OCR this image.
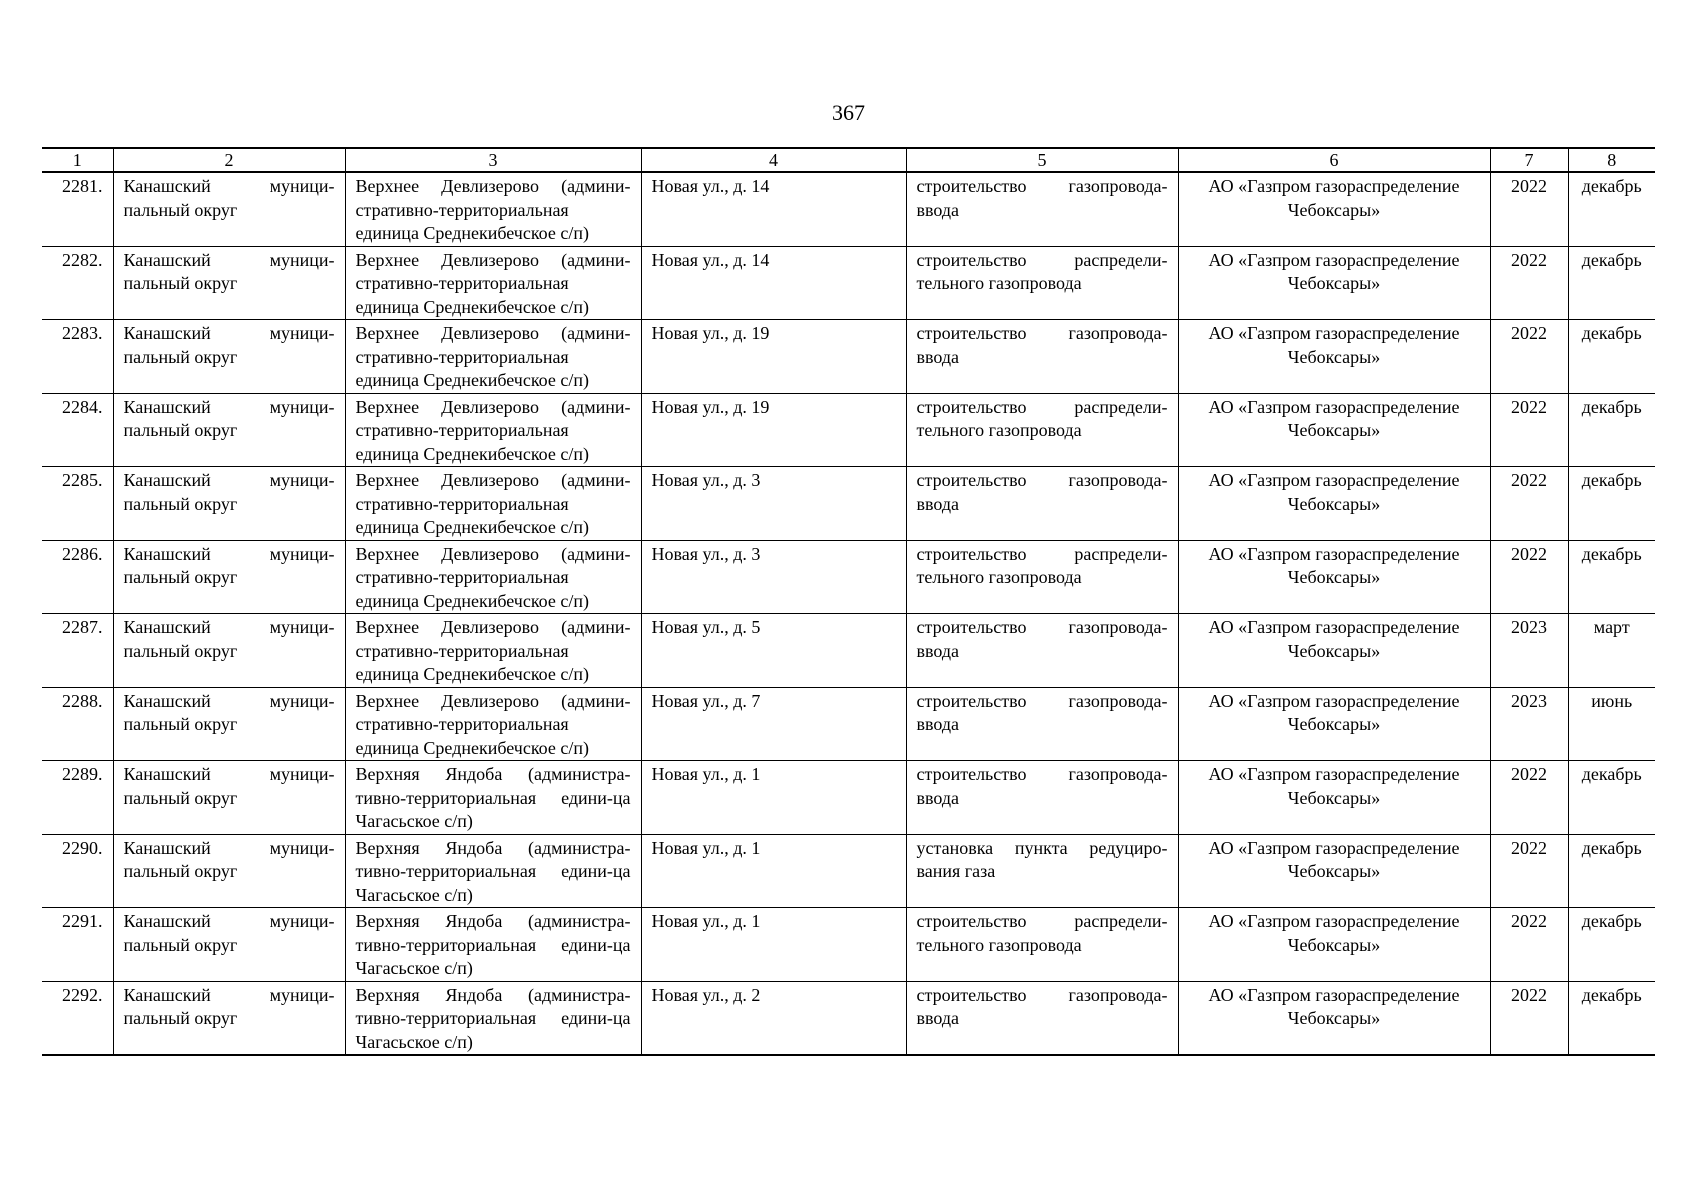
367
1	2	3	4	5	6	7	8
2281.	Канашский муници-пальный округ	Верхнее Девлизерово (админи-стративно-территориальная единица Среднекибечское с/п)	Новая ул., д. 14	строительство газопровода-ввода	АО «Газпром газораспределение Чебоксары»	2022	декабрь
2282.	Канашский муници-пальный округ	Верхнее Девлизерово (админи-стративно-территориальная единица Среднекибечское с/п)	Новая ул., д. 14	строительство распредели-тельного газопровода	АО «Газпром газораспределение Чебоксары»	2022	декабрь
2283.	Канашский муници-пальный округ	Верхнее Девлизерово (админи-стративно-территориальная единица Среднекибечское с/п)	Новая ул., д. 19	строительство газопровода-ввода	АО «Газпром газораспределение Чебоксары»	2022	декабрь
2284.	Канашский муници-пальный округ	Верхнее Девлизерово (админи-стративно-территориальная единица Среднекибечское с/п)	Новая ул., д. 19	строительство распредели-тельного газопровода	АО «Газпром газораспределение Чебоксары»	2022	декабрь
2285.	Канашский муници-пальный округ	Верхнее Девлизерово (админи-стративно-территориальная единица Среднекибечское с/п)	Новая ул., д. 3	строительство газопровода-ввода	АО «Газпром газораспределение Чебоксары»	2022	декабрь
2286.	Канашский муници-пальный округ	Верхнее Девлизерово (админи-стративно-территориальная единица Среднекибечское с/п)	Новая ул., д. 3	строительство распредели-тельного газопровода	АО «Газпром газораспределение Чебоксары»	2022	декабрь
2287.	Канашский муници-пальный округ	Верхнее Девлизерово (админи-стративно-территориальная единица Среднекибечское с/п)	Новая ул., д. 5	строительство газопровода-ввода	АО «Газпром газораспределение Чебоксары»	2023	март
2288.	Канашский муници-пальный округ	Верхнее Девлизерово (админи-стративно-территориальная единица Среднекибечское с/п)	Новая ул., д. 7	строительство газопровода-ввода	АО «Газпром газораспределение Чебоксары»	2023	июнь
2289.	Канашский муници-пальный округ	Верхняя Яндоба (администра-тивно-территориальная едини-ца Чагасьское с/п)	Новая ул., д. 1	строительство газопровода-ввода	АО «Газпром газораспределение Чебоксары»	2022	декабрь
2290.	Канашский муници-пальный округ	Верхняя Яндоба (администра-тивно-территориальная едини-ца Чагасьское с/п)	Новая ул., д. 1	установка пункта редуциро-вания газа	АО «Газпром газораспределение Чебоксары»	2022	декабрь
2291.	Канашский муници-пальный округ	Верхняя Яндоба (администра-тивно-территориальная едини-ца Чагасьское с/п)	Новая ул., д. 1	строительство распредели-тельного газопровода	АО «Газпром газораспределение Чебоксары»	2022	декабрь
2292.	Канашский муници-пальный округ	Верхняя Яндоба (администра-тивно-территориальная едини-ца Чагасьское с/п)	Новая ул., д. 2	строительство газопровода-ввода	АО «Газпром газораспределение Чебоксары»	2022	декабрь
